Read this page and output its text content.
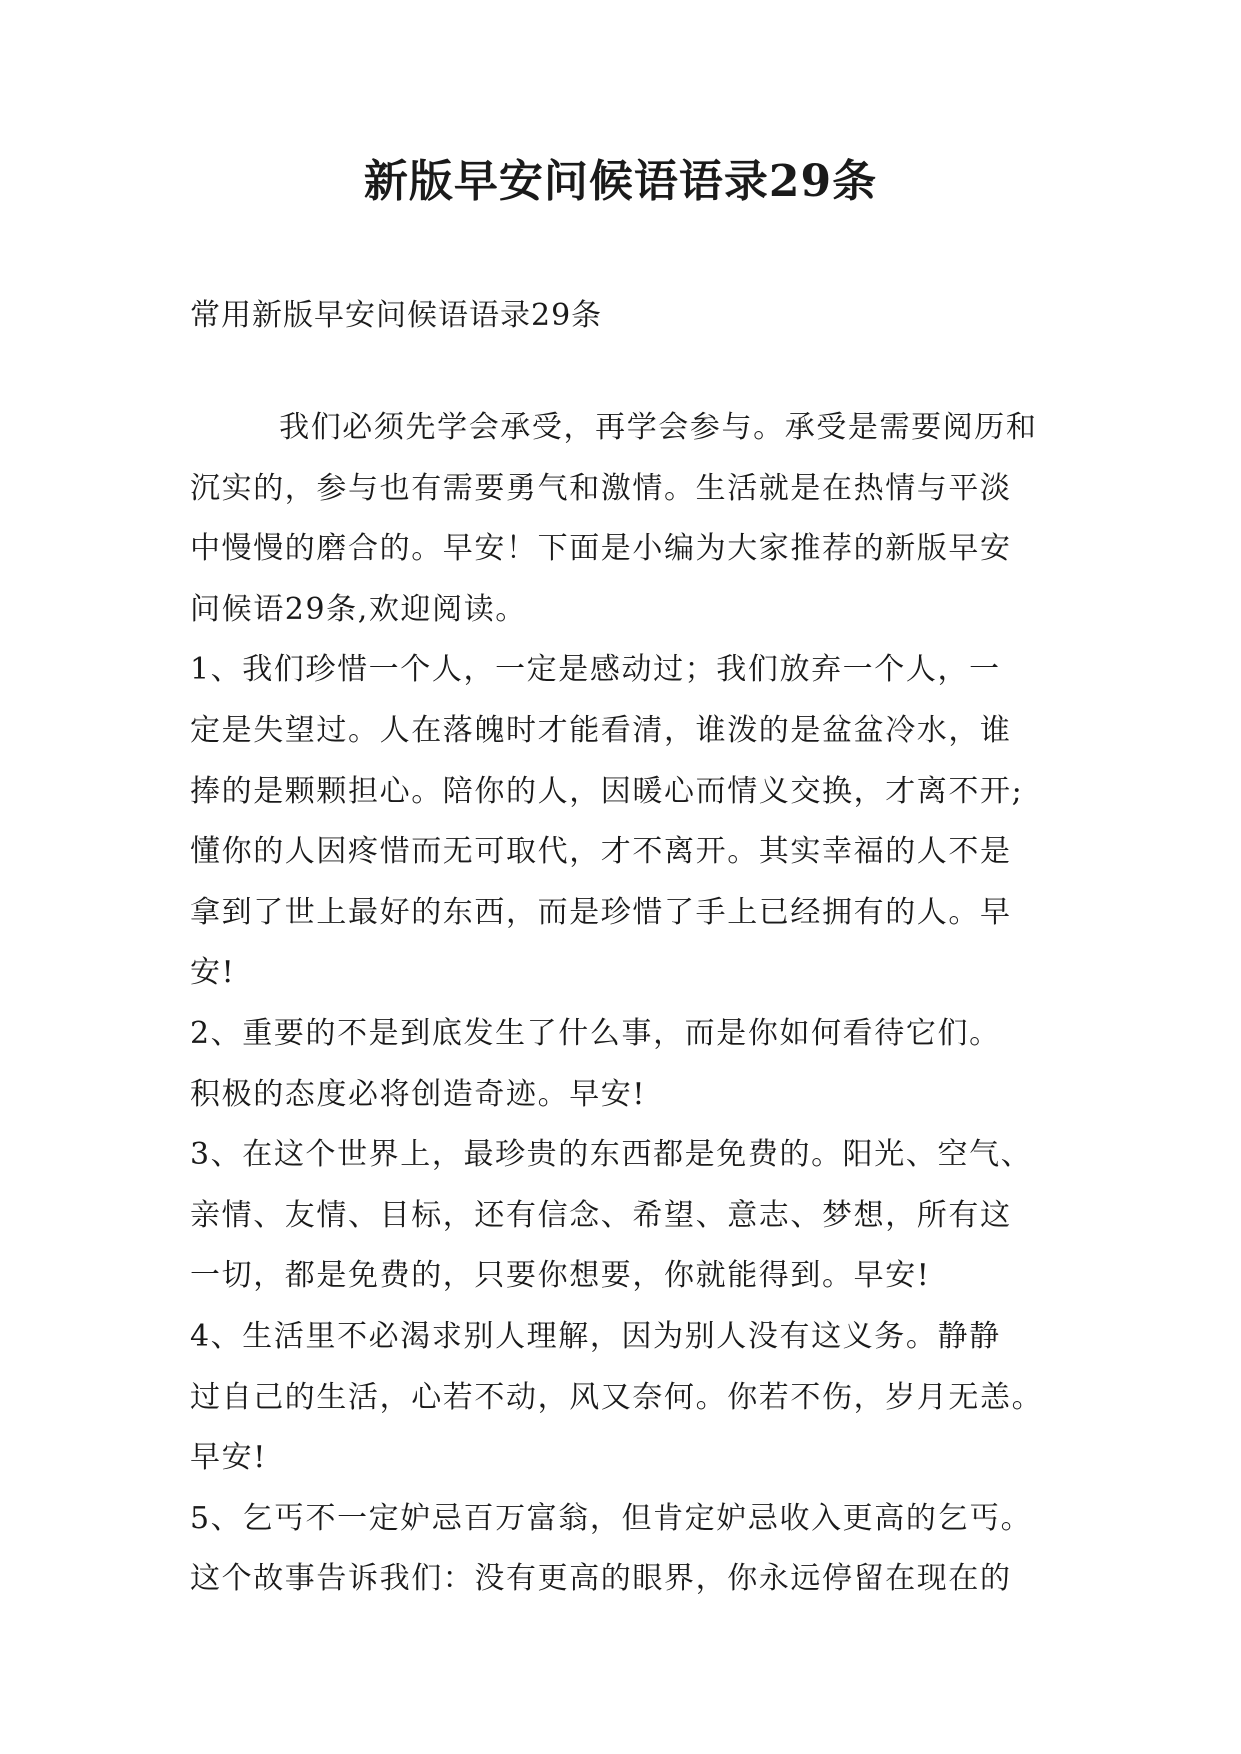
新版早安问候语语录29条
常用新版早安问候语语录29条
我们必须先学会承受，再学会参与。承受是需要阅历和
沉实的，参与也有需要勇气和激情。生活就是在热情与平淡
中慢慢的磨合的。早安！下面是小编为大家推荐的新版早安
问候语29条,欢迎阅读。
1、我们珍惜一个人，一定是感动过；我们放弃一个人，一
定是失望过。人在落魄时才能看清，谁泼的是盆盆冷水，谁
捧的是颗颗担心。陪你的人，因暖心而情义交换，才离不开;
懂你的人因疼惜而无可取代，才不离开。其实幸福的人不是
拿到了世上最好的东西，而是珍惜了手上已经拥有的人。早
安!
2、重要的不是到底发生了什么事，而是你如何看待它们。
积极的态度必将创造奇迹。早安!
3、在这个世界上，最珍贵的东西都是免费的。阳光、空气、
亲情、友情、目标，还有信念、希望、意志、梦想，所有这
一切，都是免费的，只要你想要，你就能得到。早安!
4、生活里不必渴求别人理解，因为别人没有这义务。静静
过自己的生活，心若不动，风又奈何。你若不伤，岁月无恙。
早安!
5、乞丐不一定妒忌百万富翁，但肯定妒忌收入更高的乞丐。
这个故事告诉我们：没有更高的眼界，你永远停留在现在的
